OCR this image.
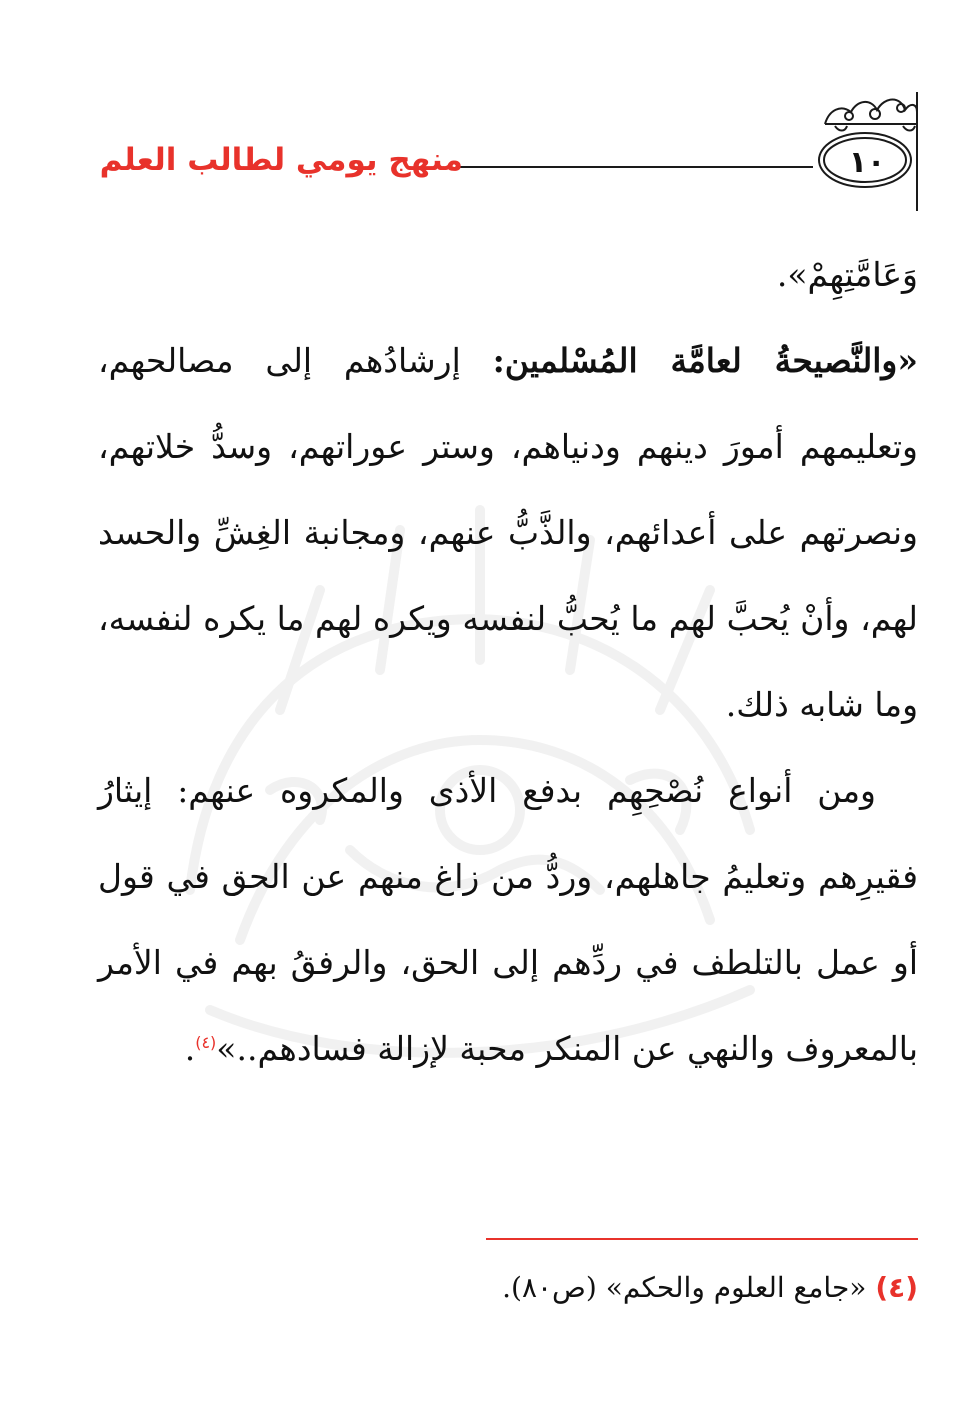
١٠
منهج يومي لطالب العلم

وَعَامَّتِهِمْ».

«والنَّصيحةُ لعامَّة المُسْلمين: إرشادُهم إلى مصالحهم، وتعليمهم أمورَ دينهم ودنياهم، وستر عوراتهم، وسدُّ خلاتهم، ونصرتهم على أعدائهم، والذَّبُّ عنهم، ومجانبة الغِشِّ والحسد لهم، وأنْ يُحبَّ لهم ما يُحبُّ لنفسه ويكره لهم ما يكره لنفسه، وما شابه ذلك.

ومن أنواع نُصْحِهِم بدفع الأذى والمكروه عنهم: إيثارُ فقيرِهم وتعليمُ جاهلهم، وردُّ من زاغ منهم عن الحق في قول أو عمل بالتلطف في ردِّهم إلى الحق، والرفقُ بهم في الأمر بالمعروف والنهي عن المنكر محبة لإزالة فسادهم..»$^{(٤)}$.

(٤) «جامع العلوم والحكم» (ص٨٠).
